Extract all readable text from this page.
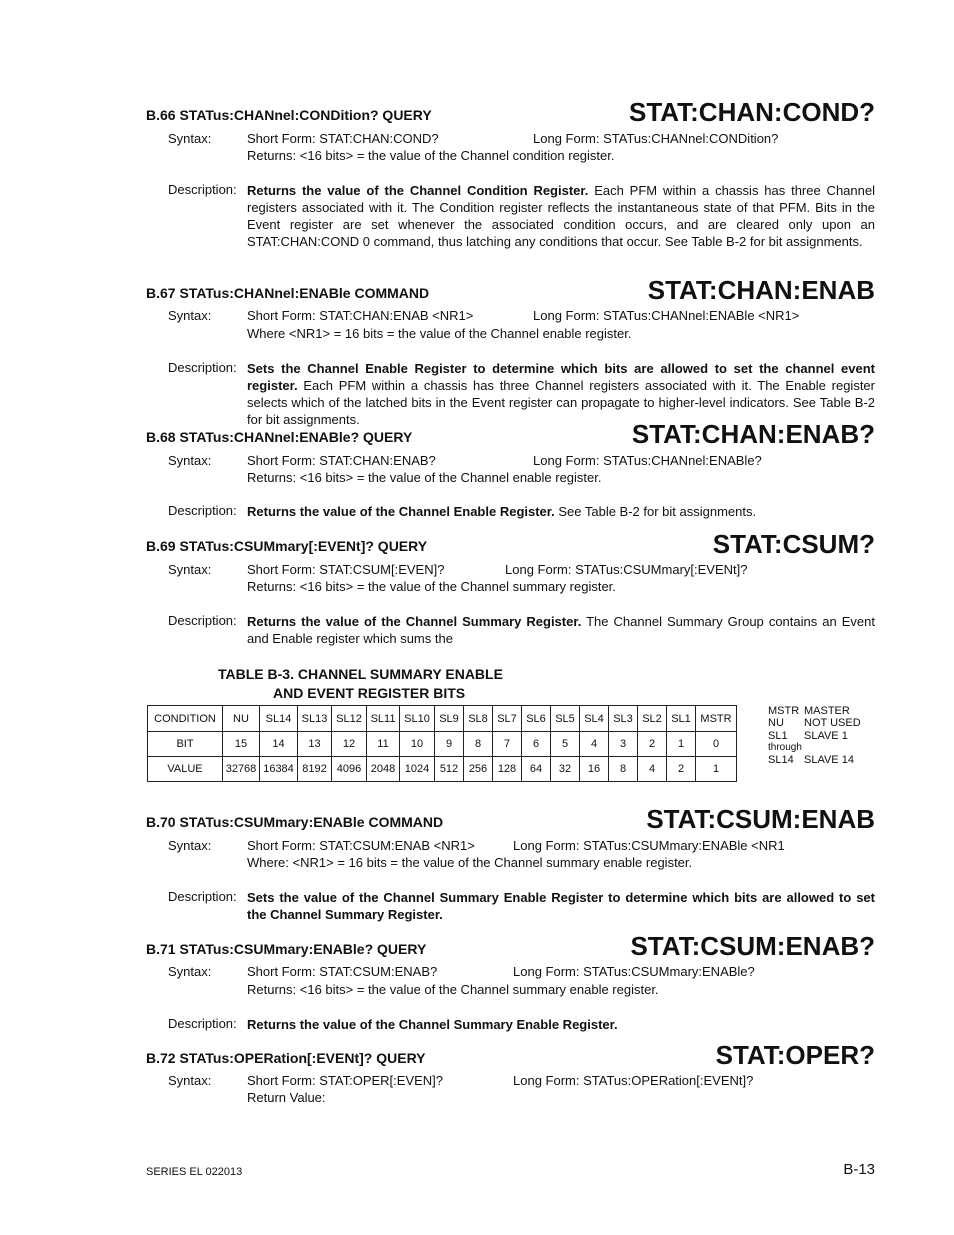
B.66 STATus:CHANnel:CONDition? QUERY	STAT:CHAN:COND?
Syntax:	Short Form: STAT:CHAN:COND?	Long Form: STATus:CHANnel:CONDition?
Returns: <16 bits> = the value of the Channel condition register.
Description: Returns the value of the Channel Condition Register. Each PFM within a chassis has three Channel registers associated with it. The Condition register reflects the instantaneous state of that PFM. Bits in the Event register are set whenever the associated condition occurs, and are cleared only upon an STAT:CHAN:COND 0 command, thus latching any conditions that occur. See Table B-2 for bit assignments.
B.67 STATus:CHANnel:ENABle COMMAND	STAT:CHAN:ENAB
Syntax:	Short Form: STAT:CHAN:ENAB <NR1>	Long Form: STATus:CHANnel:ENABle <NR1>
Where <NR1> = 16 bits = the value of the Channel enable register.
Description: Sets the Channel Enable Register to determine which bits are allowed to set the channel event register. Each PFM within a chassis has three Channel registers associated with it. The Enable register selects which of the latched bits in the Event register can propagate to higher-level indicators. See Table B-2 for bit assignments.
B.68 STATus:CHANnel:ENABle? QUERY	STAT:CHAN:ENAB?
Syntax:	Short Form: STAT:CHAN:ENAB?	Long Form: STATus:CHANnel:ENABle?
Returns: <16 bits> = the value of the Channel enable register.
Description: Returns the value of the Channel Enable Register. See Table B-2 for bit assignments.
B.69 STATus:CSUMmary[:EVENt]? QUERY	STAT:CSUM?
Syntax:	Short Form: STAT:CSUM[:EVEN]?	Long Form: STATus:CSUMmary[:EVENt]?
Returns: <16 bits> = the value of the Channel summary register.
Description: Returns the value of the Channel Summary Register. The Channel Summary Group contains an Event and Enable register which sums the
TABLE B-3. CHANNEL SUMMARY ENABLE
AND EVENT REGISTER BITS
CONDITION	NU	SL14	SL13	SL12	SL11	SL10	SL9	SL8	SL7	SL6	SL5	SL4	SL3	SL2	SL1	MSTR
BIT	15	14	13	12	11	10	9	8	7	6	5	4	3	2	1	0
VALUE	32768	16384	8192	4096	2048	1024	512	256	128	64	32	16	8	4	2	1
MSTR MASTER
NU NOT USED
SL1 SLAVE 1
through
SL14 SLAVE 14
B.70 STATus:CSUMmary:ENABle COMMAND	STAT:CSUM:ENAB
Syntax:	Short Form: STAT:CSUM:ENAB <NR1>	Long Form: STATus:CSUMmary:ENABle <NR1
Where: <NR1> = 16 bits = the value of the Channel summary enable register.
Description: Sets the value of the Channel Summary Enable Register to determine which bits are allowed to set the Channel Summary Register.
B.71 STATus:CSUMmary:ENABle? QUERY	STAT:CSUM:ENAB?
Syntax:	Short Form: STAT:CSUM:ENAB?	Long Form: STATus:CSUMmary:ENABle?
Returns: <16 bits> = the value of the Channel summary enable register.
Description: Returns the value of the Channel Summary Enable Register.
B.72 STATus:OPERation[:EVENt]? QUERY	STAT:OPER?
Syntax:	Short Form: STAT:OPER[:EVEN]?	Long Form: STATus:OPERation[:EVENt]?
Return Value:
SERIES EL 022013	B-13
